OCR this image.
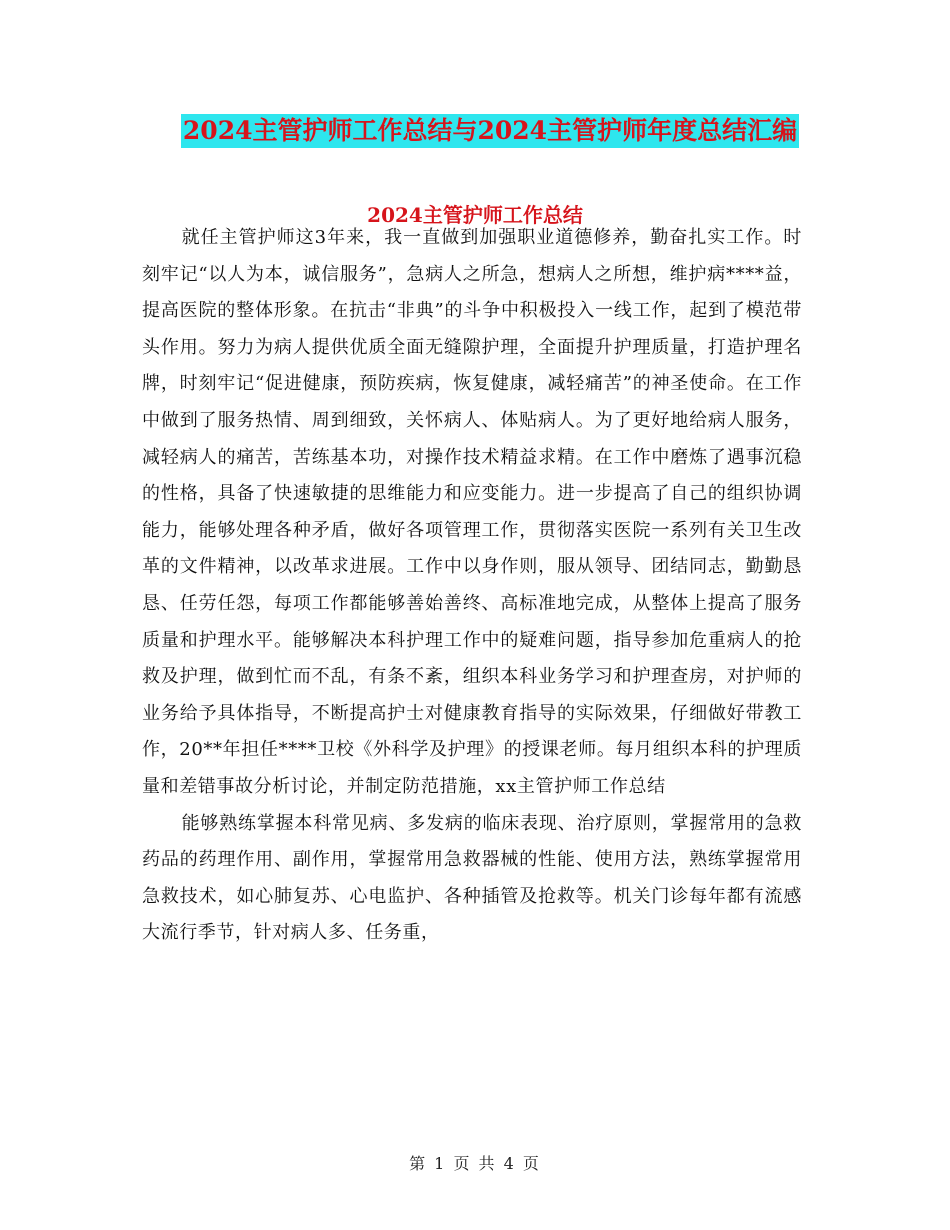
2024主管护师工作总结与2024主管护师年度总结汇编
2024主管护师工作总结

就任主管护师这3年来，我一直做到加强职业道德修养，勤奋扎实工作。时刻牢记“以人为本，诚信服务”，急病人之所急，想病人之所想，维护病****益，提高医院的整体形象。在抗击“非典”的斗争中积极投入一线工作，起到了模范带头作用。努力为病人提供优质全面无缝隙护理，全面提升护理质量，打造护理名牌，时刻牢记“促进健康，预防疾病，恢复健康，减轻痛苦”的神圣使命。在工作中做到了服务热情、周到细致，关怀病人、体贴病人。为了更好地给病人服务，减轻病人的痛苦，苦练基本功，对操作技术精益求精。在工作中磨炼了遇事沉稳的性格，具备了快速敏捷的思维能力和应变能力。进一步提高了自己的组织协调能力，能够处理各种矛盾，做好各项管理工作，贯彻落实医院一系列有关卫生改革的文件精神，以改革求进展。工作中以身作则，服从领导、团结同志，勤勤恳恳、任劳任怨，每项工作都能够善始善终、高标准地完成，从整体上提高了服务质量和护理水平。能够解决本科护理工作中的疑难问题，指导参加危重病人的抢救及护理，做到忙而不乱，有条不紊，组织本科业务学习和护理查房，对护师的业务给予具体指导，不断提高护士对健康教育指导的实际效果，仔细做好带教工作，20**年担任****卫校《外科学及护理》的授课老师。每月组织本科的护理质量和差错事故分析讨论，并制定防范措施，xx主管护师工作总结

能够熟练掌握本科常见病、多发病的临床表现、治疗原则，掌握常用的急救药品的药理作用、副作用，掌握常用急救器械的性能、使用方法，熟练掌握常用急救技术，如心肺复苏、心电监护、各种插管及抢救等。机关门诊每年都有流感大流行季节，针对病人多、任务重，

第 1 页 共 4 页
